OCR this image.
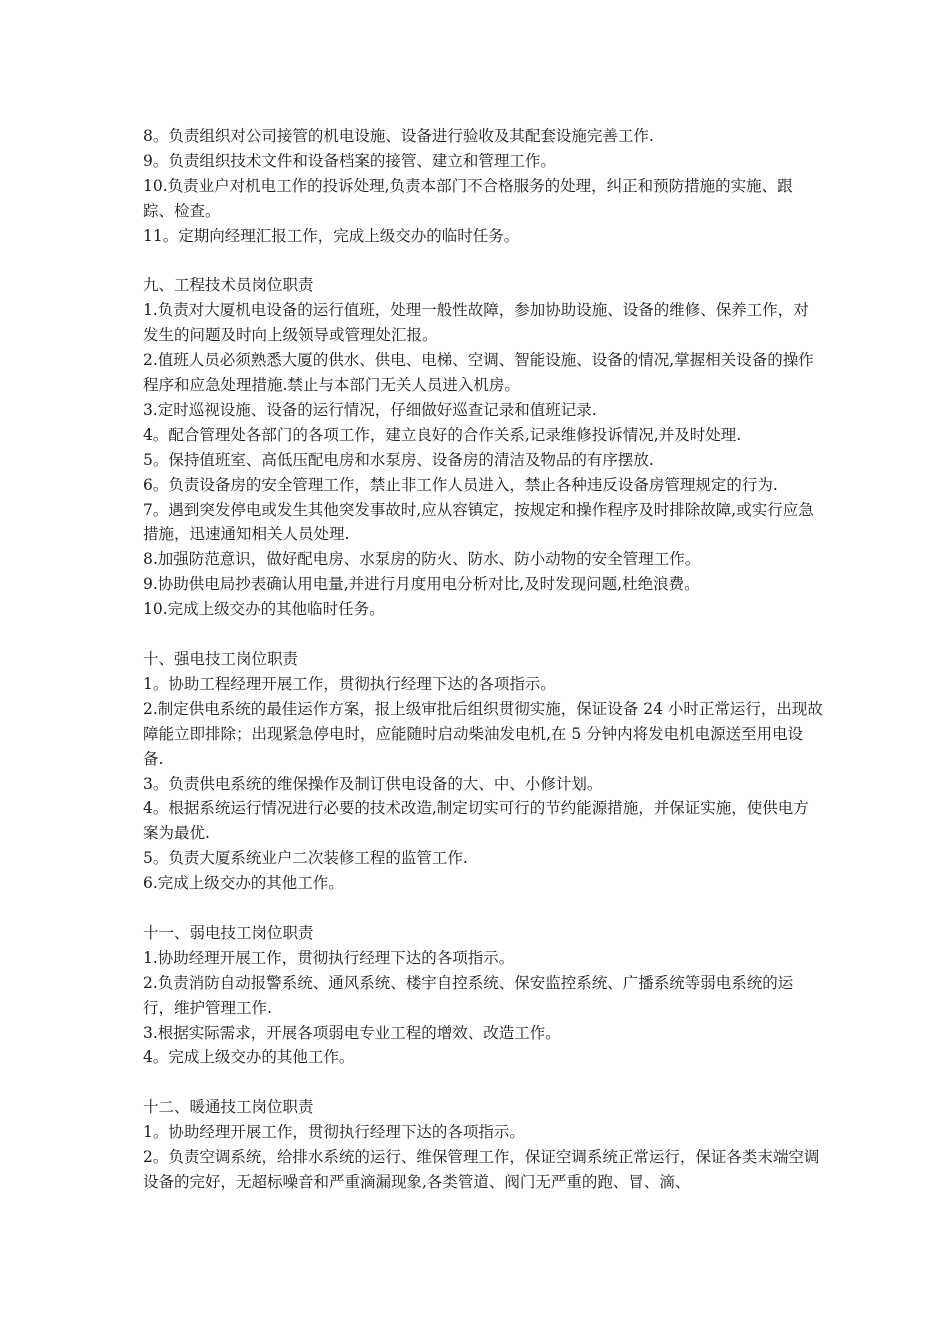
8。负责组织对公司接管的机电设施、设备进行验收及其配套设施完善工作.

9。负责组织技术文件和设备档案的接管、建立和管理工作。

10.负责业户对机电工作的投诉处理,负责本部门不合格服务的处理，纠正和预防措施的实施、跟踪、检查。

11。定期向经理汇报工作，完成上级交办的临时任务。

九、工程技术员岗位职责

1.负责对大厦机电设备的运行值班，处理一般性故障，参加协助设施、设备的维修、保养工作，对发生的问题及时向上级领导或管理处汇报。

2.值班人员必须熟悉大厦的供水、供电、电梯、空调、智能设施、设备的情况,掌握相关设备的操作程序和应急处理措施.禁止与本部门无关人员进入机房。

3.定时巡视设施、设备的运行情况，仔细做好巡查记录和值班记录.

4。配合管理处各部门的各项工作，建立良好的合作关系,记录维修投诉情况,并及时处理.

5。保持值班室、高低压配电房和水泵房、设备房的清洁及物品的有序摆放.

6。负责设备房的安全管理工作，禁止非工作人员进入，禁止各种违反设备房管理规定的行为.

7。遇到突发停电或发生其他突发事故时,应从容镇定，按规定和操作程序及时排除故障,或实行应急措施，迅速通知相关人员处理.

8.加强防范意识，做好配电房、水泵房的防火、防水、防小动物的安全管理工作。

9.协助供电局抄表确认用电量,并进行月度用电分析对比,及时发现问题,杜绝浪费。

10.完成上级交办的其他临时任务。

十、强电技工岗位职责

1。协助工程经理开展工作，贯彻执行经理下达的各项指示。

2.制定供电系统的最佳运作方案，报上级审批后组织贯彻实施，保证设备 24 小时正常运行，出现故障能立即排除；出现紧急停电时，应能随时启动柴油发电机,在 5 分钟内将发电机电源送至用电设备.

3。负责供电系统的维保操作及制订供电设备的大、中、小修计划。

4。根据系统运行情况进行必要的技术改造,制定切实可行的节约能源措施，并保证实施，使供电方案为最优.

5。负责大厦系统业户二次装修工程的监管工作.

6.完成上级交办的其他工作。

十一、弱电技工岗位职责

1.协助经理开展工作，贯彻执行经理下达的各项指示。

2.负责消防自动报警系统、通风系统、楼宇自控系统、保安监控系统、广播系统等弱电系统的运行，维护管理工作.

3.根据实际需求，开展各项弱电专业工程的增效、改造工作。

4。完成上级交办的其他工作。

十二、暖通技工岗位职责

1。协助经理开展工作，贯彻执行经理下达的各项指示。

2。负责空调系统，给排水系统的运行、维保管理工作，保证空调系统正常运行，保证各类末端空调设备的完好，无超标噪音和严重滴漏现象,各类管道、阀门无严重的跑、冒、滴、
